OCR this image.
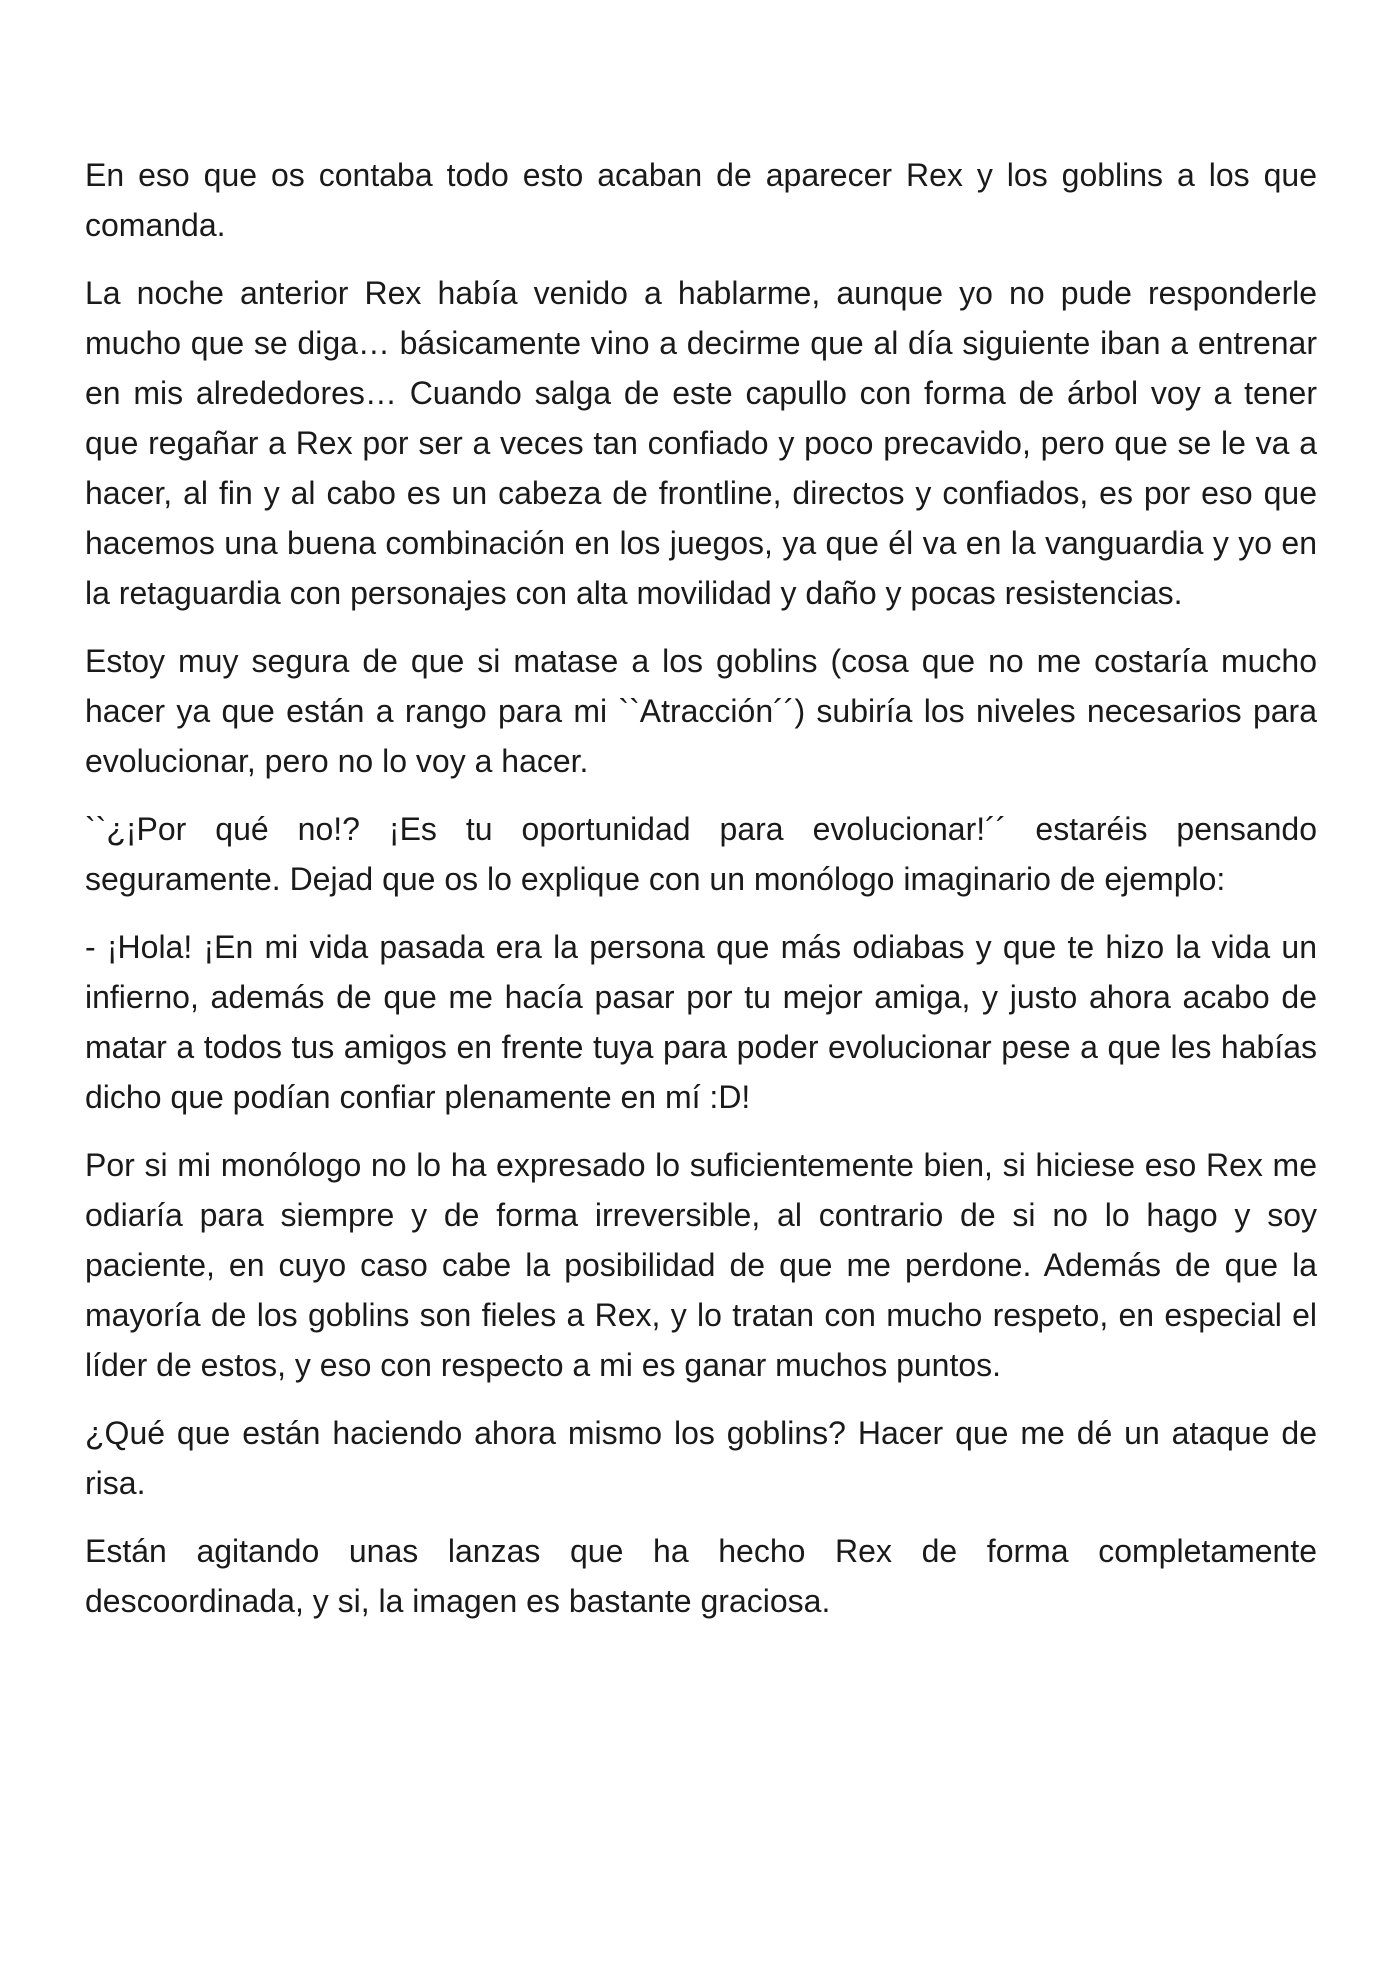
En eso que os contaba todo esto acaban de aparecer Rex y los goblins a los que comanda.

La noche anterior Rex había venido a hablarme, aunque yo no pude responderle mucho que se diga… básicamente vino a decirme que al día siguiente iban a entrenar en mis alrededores… Cuando salga de este capullo con forma de árbol voy a tener que regañar a Rex por ser a veces tan confiado y poco precavido, pero que se le va a hacer, al fin y al cabo es un cabeza de frontline, directos y confiados, es por eso que hacemos una buena combinación en los juegos, ya que él va en la vanguardia y yo en la retaguardia con personajes con alta movilidad y daño y pocas resistencias.

Estoy muy segura de que si matase a los goblins (cosa que no me costaría mucho hacer ya que están a rango para mi ``Atracción´´) subiría los niveles necesarios para evolucionar, pero no lo voy a hacer.

``¿¡Por qué no!? ¡Es tu oportunidad para evolucionar!´´ estaréis pensando seguramente. Dejad que os lo explique con un monólogo imaginario de ejemplo:

- ¡Hola! ¡En mi vida pasada era la persona que más odiabas y que te hizo la vida un infierno, además de que me hacía pasar por tu mejor amiga, y justo ahora acabo de matar a todos tus amigos en frente tuya para poder evolucionar pese a que les habías dicho que podían confiar plenamente en mí :D!

Por si mi monólogo no lo ha expresado lo suficientemente bien, si hiciese eso Rex me odiaría para siempre y de forma irreversible, al contrario de si no lo hago y soy paciente, en cuyo caso cabe la posibilidad de que me perdone. Además de que la mayoría de los goblins son fieles a Rex, y lo tratan con mucho respeto, en especial el líder de estos, y eso con respecto a mi es ganar muchos puntos.

¿Qué que están haciendo ahora mismo los goblins? Hacer que me dé un ataque de risa.

Están agitando unas lanzas que ha hecho Rex de forma completamente descoordinada, y si, la imagen es bastante graciosa.
